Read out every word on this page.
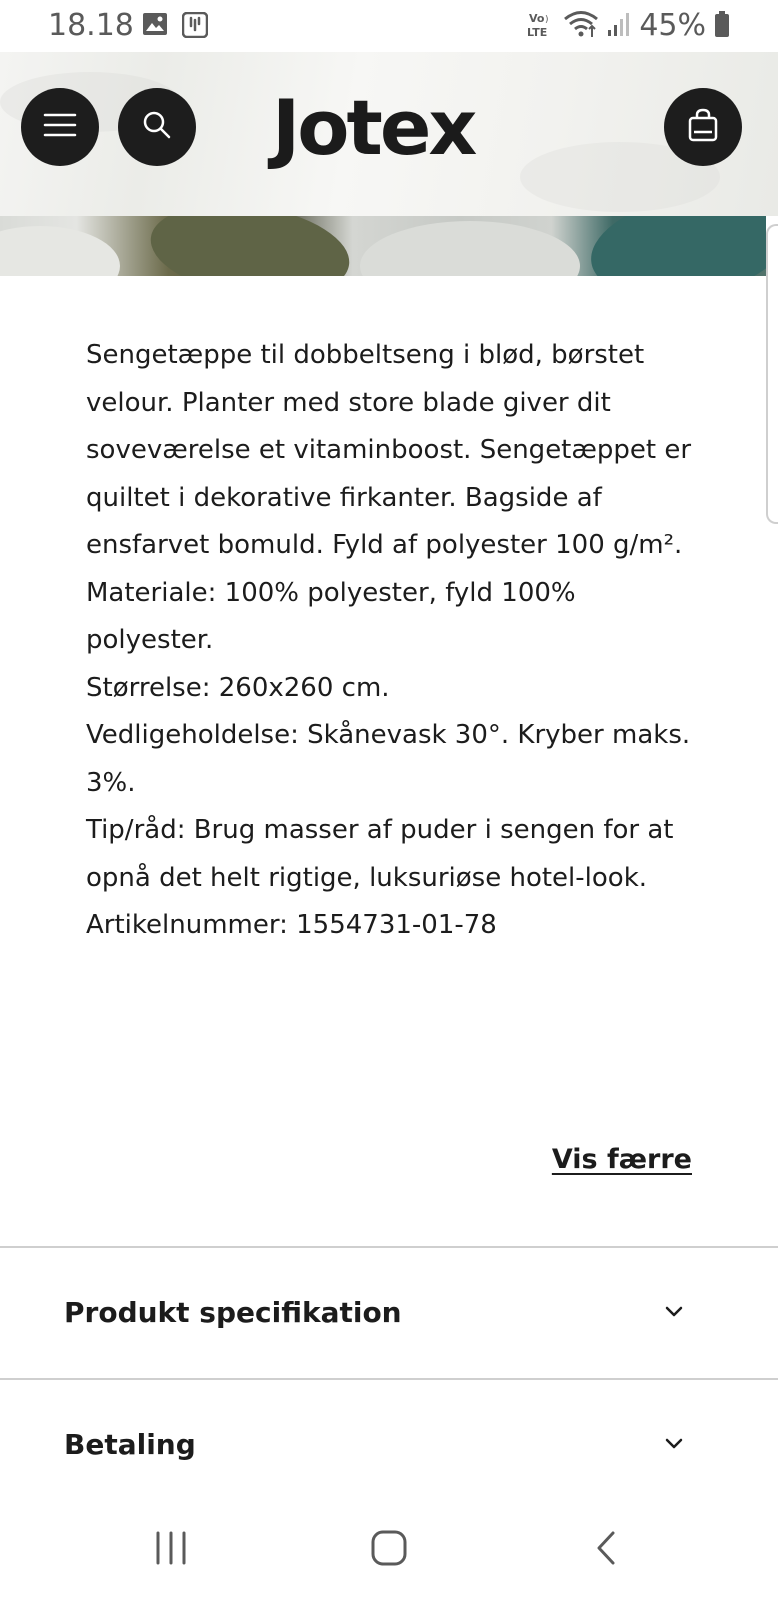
18.18	Vo )
LTE	45%
Jotex

Sengetæppe til dobbeltseng i blød, børstet velour. Planter med store blade giver dit soveværelse et vitaminboost. Sengetæppet er quiltet i dekorative firkanter. Bagside af ensfarvet bomuld. Fyld af polyester 100 g/m².

Materiale: 100% polyester, fyld 100% polyester.

Størrelse: 260x260 cm.

Vedligeholdelse: Skånevask 30°. Kryber maks. 3%.

Tip/råd: Brug masser af puder i sengen for at opnå det helt rigtige, luksuriøse hotel-look.

Artikelnummer: 1554731-01-78

Vis færre
Produkt specifikation
Betaling
